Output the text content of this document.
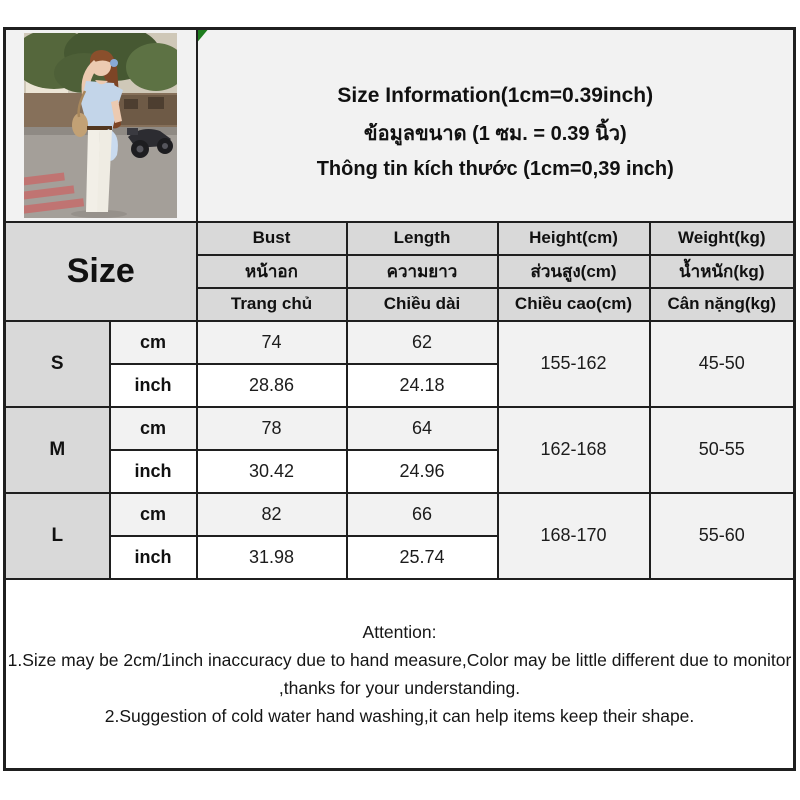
Size Information(1cm=0.39inch)
ข้อมูลขนาด (1 ซม. = 0.39 นิ้ว)
Thông tin kích thước (1cm=0,39 inch)			

Size		Bust	Length	Height(cm)	Weight(kg)
		หน้าอก	ความยาว	ส่วนสูง(cm)	น้ำหนัก(kg)
		Trang chủ	Chiều dài	Chiều cao(cm)	Cân nặng(kg)
S	cm	74	62	155-162	45-50
	inch	28.86	24.18		
M	cm	78	64	162-168	50-55
	inch	30.42	24.96		
L	cm	82	66	168-170	55-60
	inch	31.98	25.74		

Attention:
1.Size may be 2cm/1inch inaccuracy due to hand measure,Color may be little different due to monitor ,thanks for your understanding.
2.Suggestion of cold water hand washing,it can help items keep their shape.					
